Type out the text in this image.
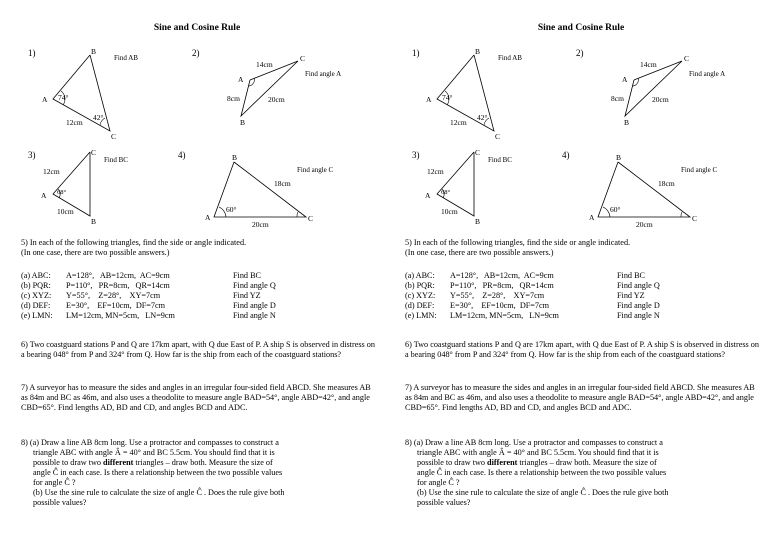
Sine and Cosine Rule
1)	Find AB
B
A
C
74°
12cm
42°
2)
Find angle A
C
A
B
14cm
8cm	20cm
3)	Find BC
C
A
B
12cm
68°
10cm
4)
Find angle C
B
A	C
18cm
60°
20cm
5) In each of the following triangles, find the side or angle indicated.
(In one case, there are two possible answers.)
(a) ABC:	A=128°,   AB=12cm,  AC=9cm	Find BC
(b) PQR:	P=110°,   PR=8cm,   QR=14cm	Find angle Q
(c) XYZ:	Y=55°,    Z=28°,    XY=7cm	Find YZ
(d) DEF:	E=30°,    EF=10cm,  DF=7cm	Find angle D
(e) LMN:	LM=12cm, MN=5cm,   LN=9cm	Find angle N
6) Two coastguard stations P and Q are 17km apart, with Q due East of P. A ship S is observed in distress on a bearing 048° from P and 324° from Q. How far is the ship from each of the coastguard stations?
7) A surveyor has to measure the sides and angles in an irregular four-sided field ABCD. She measures AB as 84m and BC as 46m, and also uses a theodolite to measure angle BAD=54°, angle ABD=42°, and angle CBD=65°. Find lengths AD, BD and CD, and angles BCD and ADC.
8) (a) Draw a line AB 8cm long. Use a protractor and compasses to construct a
triangle ABC with angle Â = 40° and BC 5.5cm. You should find that it is
possible to draw two different triangles – draw both. Measure the size of
angle Ĉ in each case. Is there a relationship between the two possible values
for angle Ĉ ?
(b) Use the sine rule to calculate the size of angle Ĉ . Does the rule give both
possible values?
Sine and Cosine Rule
1)	Find AB
B
A
C
74°
12cm
42°
2)
Find angle A
C
A
B
14cm
8cm	20cm
3)	Find BC
C
A
B
12cm
68°
10cm
4)
Find angle C
B
A	C
18cm
60°
20cm
5) In each of the following triangles, find the side or angle indicated.
(In one case, there are two possible answers.)
(a) ABC:	A=128°,   AB=12cm,  AC=9cm	Find BC
(b) PQR:	P=110°,   PR=8cm,   QR=14cm	Find angle Q
(c) XYZ:	Y=55°,    Z=28°,    XY=7cm	Find YZ
(d) DEF:	E=30°,    EF=10cm,  DF=7cm	Find angle D
(e) LMN:	LM=12cm, MN=5cm,   LN=9cm	Find angle N
6) Two coastguard stations P and Q are 17km apart, with Q due East of P. A ship S is observed in distress on a bearing 048° from P and 324° from Q. How far is the ship from each of the coastguard stations?
7) A surveyor has to measure the sides and angles in an irregular four-sided field ABCD. She measures AB as 84m and BC as 46m, and also uses a theodolite to measure angle BAD=54°, angle ABD=42°, and angle CBD=65°. Find lengths AD, BD and CD, and angles BCD and ADC.
8) (a) Draw a line AB 8cm long. Use a protractor and compasses to construct a
triangle ABC with angle Â = 40° and BC 5.5cm. You should find that it is
possible to draw two different triangles – draw both. Measure the size of
angle Ĉ in each case. Is there a relationship between the two possible values
for angle Ĉ ?
(b) Use the sine rule to calculate the size of angle Ĉ . Does the rule give both
possible values?
